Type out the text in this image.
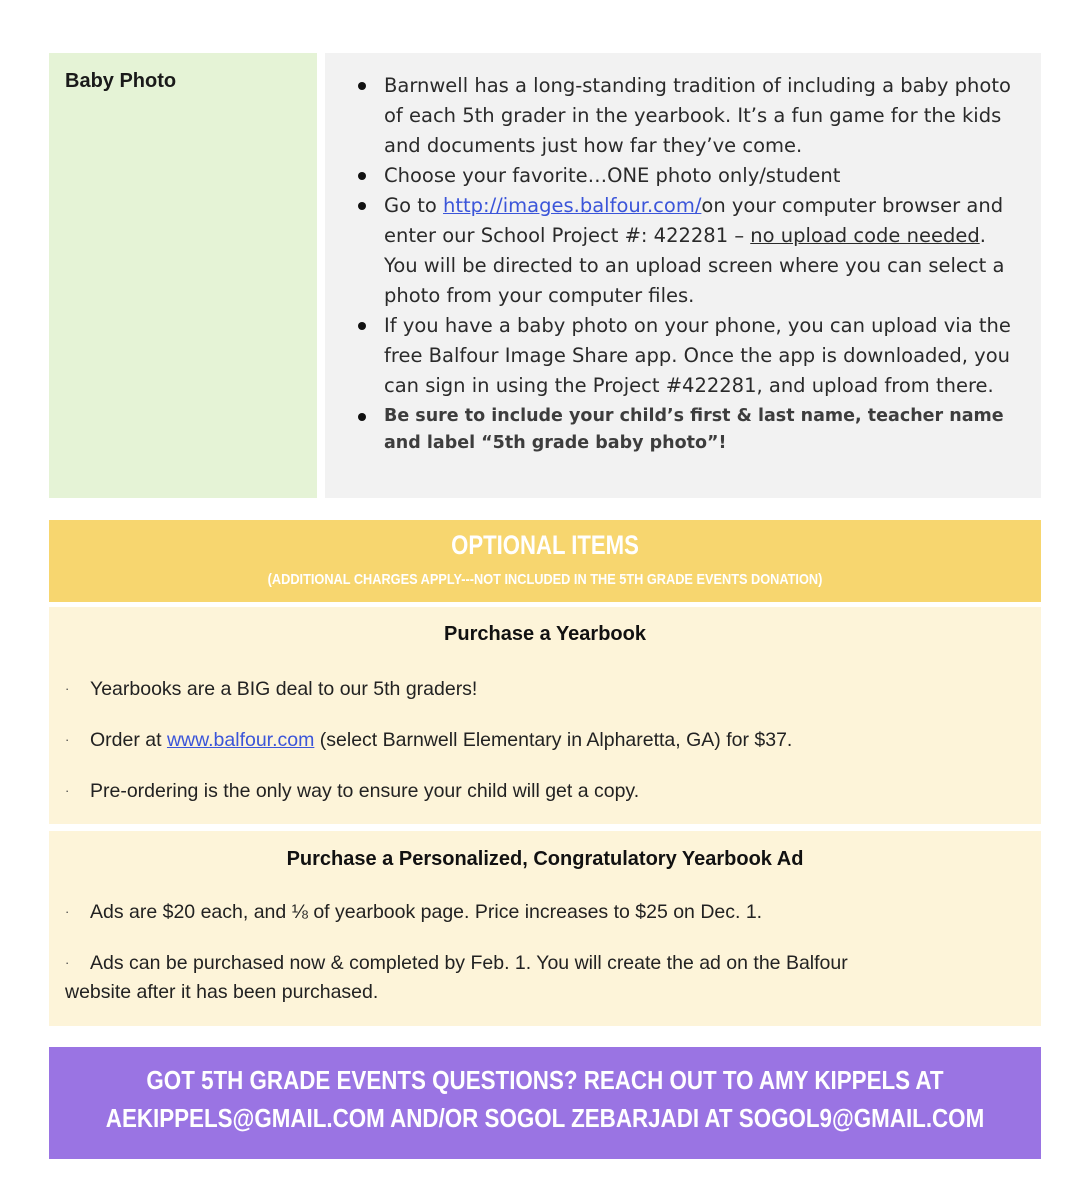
Baby Photo	Barnwell has a long-standing tradition of including a baby photo of each 5th grader in the yearbook. It’s a fun game for the kids and documents just how far they’ve come.
Choose your favorite…ONE photo only/student
Go to http://images.balfour.com/on your computer browser and enter our School Project #: 422281 – no upload code needed. You will be directed to an upload screen where you can select a photo from your computer files.
If you have a baby photo on your phone, you can upload via the free Balfour Image Share app. Once the app is downloaded, you can sign in using the Project #422281, and upload from there.
Be sure to include your child’s first & last name, teacher name and label “5th grade baby photo”!
OPTIONAL ITEMS
(ADDITIONAL CHARGES APPLY---NOT INCLUDED IN THE 5TH GRADE EVENTS DONATION)
Purchase a Yearbook
· Yearbooks are a BIG deal to our 5th graders!
· Order at www.balfour.com (select Barnwell Elementary in Alpharetta, GA) for $37.
· Pre-ordering is the only way to ensure your child will get a copy.
Purchase a Personalized, Congratulatory Yearbook Ad
· Ads are $20 each, and ⅛ of yearbook page. Price increases to $25 on Dec. 1.
· Ads can be purchased now & completed by Feb. 1. You will create the ad on the Balfour
website after it has been purchased.
GOT 5TH GRADE EVENTS QUESTIONS? REACH OUT TO AMY KIPPELS AT
AEKIPPELS@GMAIL.COM AND/OR SOGOL ZEBARJADI AT SOGOL9@GMAIL.COM
